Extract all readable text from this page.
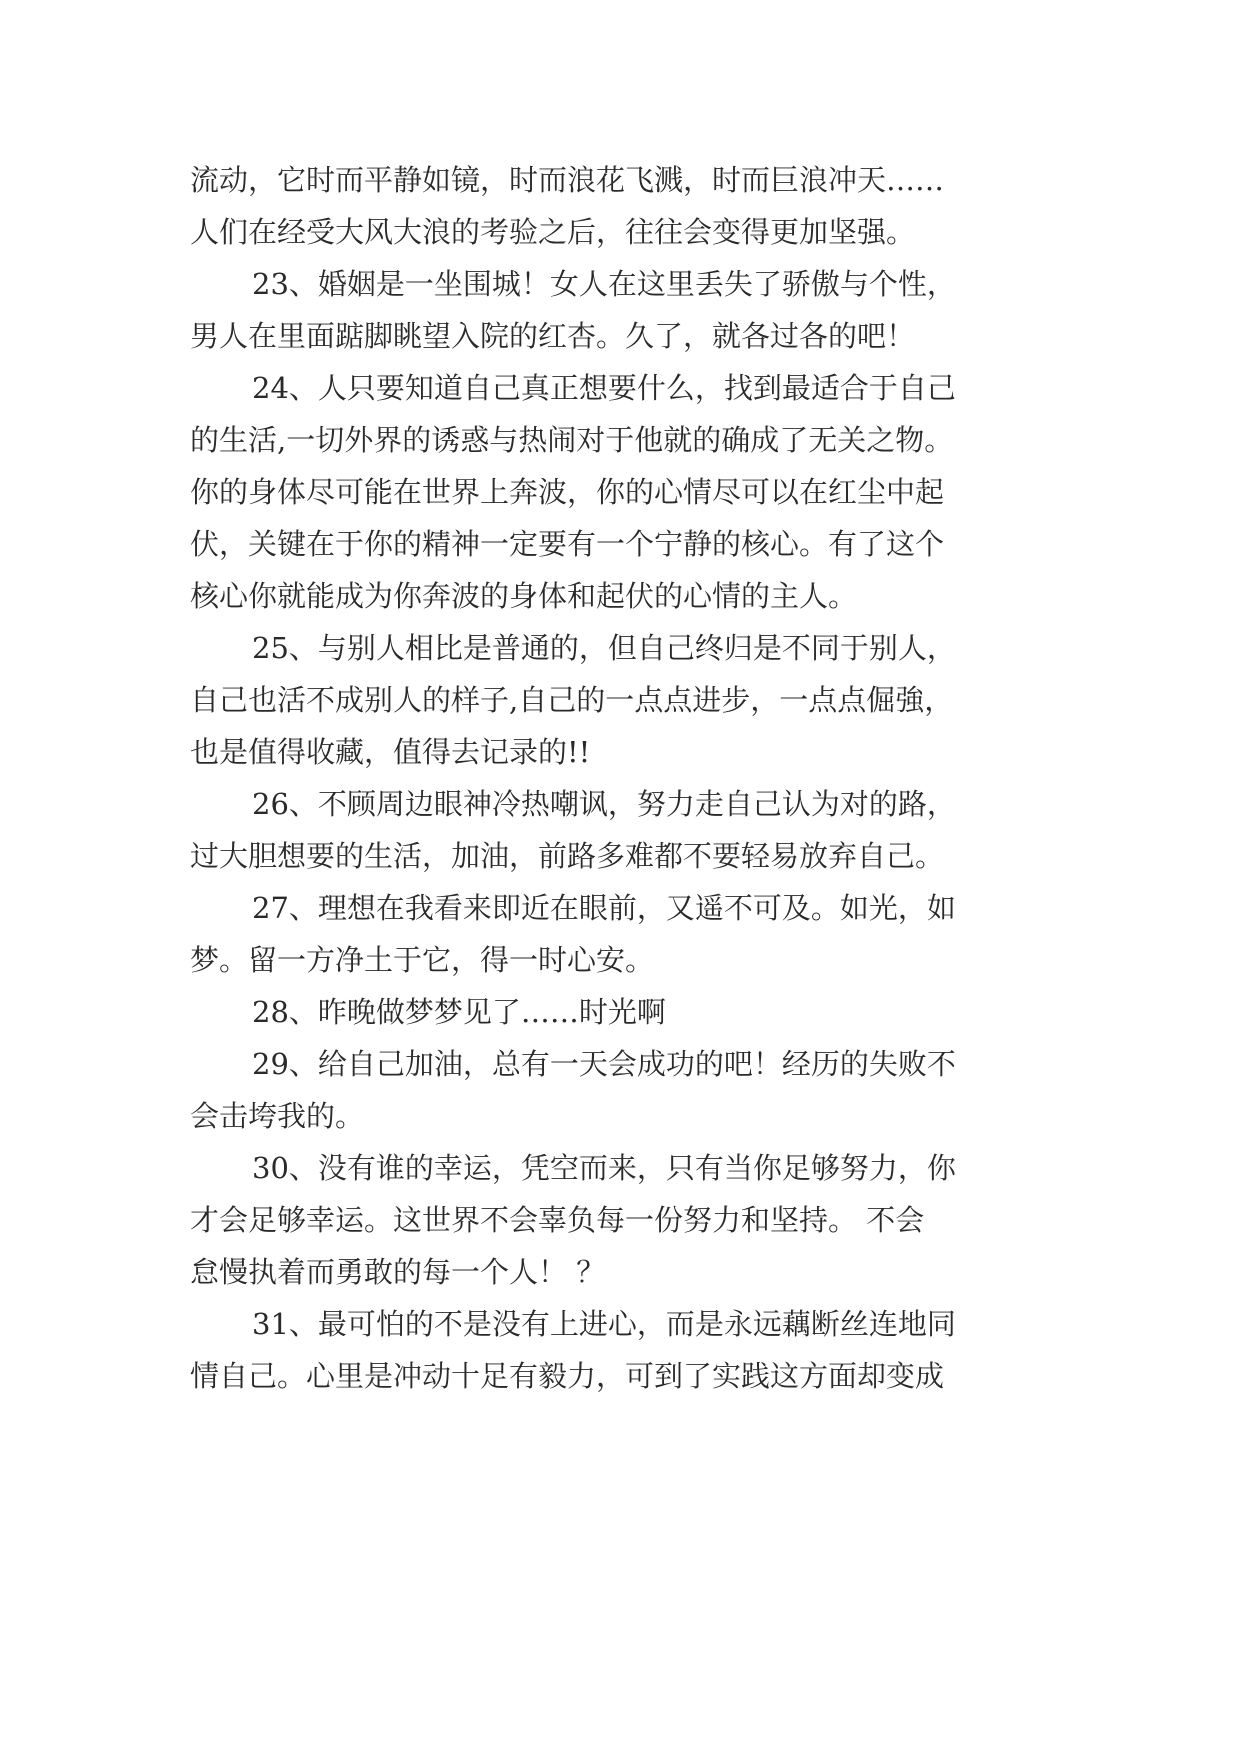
流动，它时而平静如镜，时而浪花飞溅，时而巨浪冲天……
人们在经受大风大浪的考验之后，往往会变得更加坚强。
23、婚姻是一坐围城！女人在这里丢失了骄傲与个性，
男人在里面踮脚眺望入院的红杏。久了，就各过各的吧！
24、人只要知道自己真正想要什么，找到最适合于自己
的生活,一切外界的诱惑与热闹对于他就的确成了无关之物。
你的身体尽可能在世界上奔波，你的心情尽可以在红尘中起
伏，关键在于你的精神一定要有一个宁静的核心。有了这个
核心你就能成为你奔波的身体和起伏的心情的主人。
25、与别人相比是普通的，但自己终归是不同于别人，
自己也活不成别人的样子,自己的一点点进步，一点点倔強，
也是值得收藏，值得去记录的!!
26、不顾周边眼神冷热嘲讽，努力走自己认为对的路，
过大胆想要的生活，加油，前路多难都不要轻易放弃自己。
27、理想在我看来即近在眼前，又遥不可及。如光，如
梦。留一方净土于它，得一时心安。
28、昨晚做梦梦见了……时光啊
29、给自己加油，总有一天会成功的吧！经历的失败不
会击垮我的。
30、没有谁的幸运，凭空而来，只有当你足够努力，你
才会足够幸运。这世界不会辜负每一份努力和坚持。 不会
怠慢执着而勇敢的每一个人！ ？
31、最可怕的不是没有上进心，而是永远藕断丝连地同
情自己。心里是冲动十足有毅力，可到了实践这方面却变成
